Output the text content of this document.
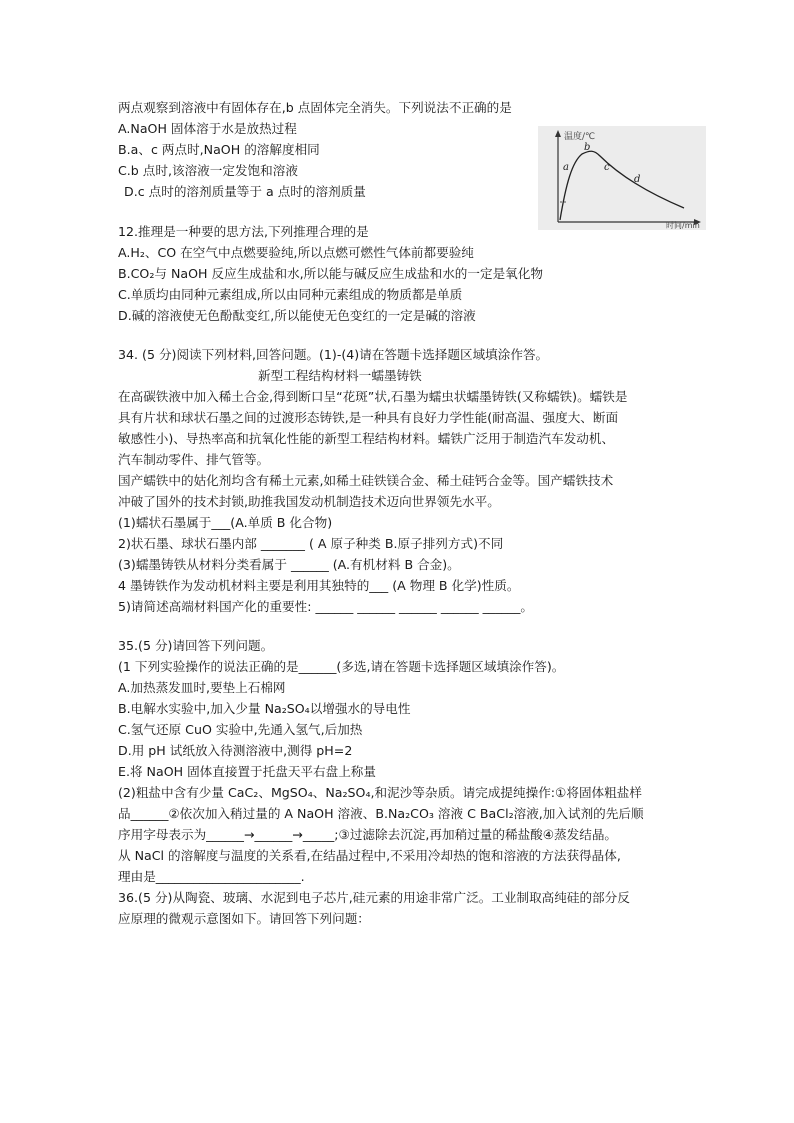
两点观察到溶液中有固体存在,b 点固体完全消失。下列说法不正确的是
A.NaOH 固体溶于水是放热过程
B.a、c 两点时,NaOH 的溶解度相同
C.b 点时,该溶液一定发饱和溶液
D.c 点时的溶剂质量等于 a 点时的溶剂质量
温度/℃
时间/min
a
b
c
d
12.推理是一种要的思方法,下列推理合理的是
A.H₂、CO 在空气中点燃要验纯,所以点燃可燃性气体前都要验纯
B.CO₂与 NaOH 反应生成盐和水,所以能与碱反应生成盐和水的一定是氧化物
C.单质均由同种元素组成,所以由同种元素组成的物质都是单质
D.碱的溶液使无色酚酞变红,所以能使无色变红的一定是碱的溶液
34. (5 分)阅读下列材料,回答问题。(1)-(4)请在答题卡选择题区域填涂作答。
新型工程结构材料一蠕墨铸铁
在高碳铁液中加入稀土合金,得到断口呈“花斑”状,石墨为蠕虫状蠕墨铸铁(又称蠕铁)。蠕铁是
具有片状和球状石墨之间的过渡形态铸铁,是一种具有良好力学性能(耐高温、强度大、断面
敏感性小)、导热率高和抗氧化性能的新型工程结构材料。蠕铁广泛用于制造汽车发动机、
汽车制动零件、排气管等。
国产蠕铁中的姑化剂均含有稀土元素,如稀土硅铁镁合金、稀土硅钙合金等。国产蠕铁技术
冲破了国外的技术封锁,助推我国发动机制造技术迈向世界领先水平。
(1)蠕状石墨属于___(A.单质 B 化合物)
2)状石墨、球状石墨内部 _______ ( A 原子种类 B.原子排列方式)不同
(3)蠕墨铸铁从材料分类看属于 ______ (A.有机材料 B 合金)。
4 墨铸铁作为发动机材料主要是利用其独特的___ (A 物理 B 化学)性质。
5)请简述高端材料国产化的重要性: ______ ______ ______ ______ ______。
35.(5 分)请回答下列问题。
(1 下列实验操作的说法正确的是______(多选,请在答题卡选择题区域填涂作答)。
A.加热蒸发皿时,要垫上石棉网
B.电解水实验中,加入少量 Na₂SO₄以增强水的导电性
C.氢气还原 CuO 实验中,先通入氢气,后加热
D.用 pH 试纸放入待测溶液中,测得 pH=2
E.将 NaOH 固体直接置于托盘天平右盘上称量
(2)粗盐中含有少量 CaC₂、MgSO₄、Na₂SO₄,和泥沙等杂质。请完成提纯操作:①将固体粗盐样
品______②依次加入稍过量的 A NaOH 溶液、B.Na₂CO₃ 溶液 C BaCl₂溶液,加入试剂的先后顺
序用字母表示为______→______→_____;③过滤除去沉淀,再加稍过量的稀盐酸④蒸发结晶。
从 NaCl 的溶解度与温度的关系看,在结晶过程中,不采用冷却热的饱和溶液的方法获得晶体,
理由是_______________________.
36.(5 分)从陶瓷、玻璃、水泥到电子芯片,硅元素的用途非常广泛。工业制取高纯硅的部分反
应原理的微观示意图如下。请回答下列问题：
